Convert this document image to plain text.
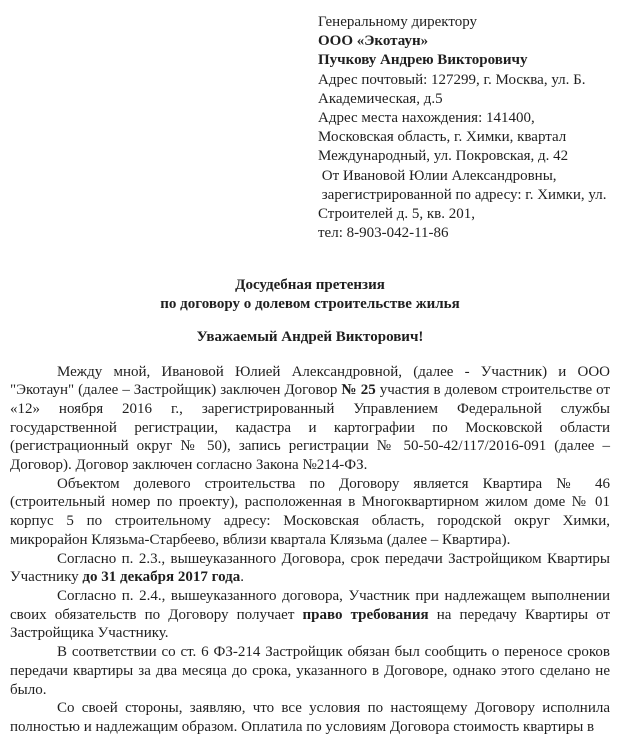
Генеральному директору
ООО «Экотаун»
Пучкову Андрею Викторовичу
Адрес почтовый: 127299, г. Москва, ул. Б. Академическая, д.5
Адрес места нахождения: 141400, Московская область, г. Химки, квартал Международный, ул. Покровская, д. 42
От Ивановой Юлии Александровны,
зарегистрированной по адресу: г. Химки, ул. Строителей д. 5, кв. 201,
тел: 8-903-042-11-86
Досудебная претензия
по договору о долевом строительстве жилья
Уважаемый Андрей Викторович!

Между мной, Ивановой Юлией Александровной, (далее - Участник) и ООО "Экотаун" (далее – Застройщик) заключен Договор № 25 участия в долевом строительстве от «12» ноября 2016 г., зарегистрированный Управлением Федеральной службы государственной регистрации, кадастра и картографии по Московской области (регистрационный округ № 50), запись регистрации № 50-50-42/117/2016-091 (далее – Договор). Договор заключен согласно Закона №214-ФЗ.

Объектом долевого строительства по Договору является Квартира № 46 (строительный номер по проекту), расположенная в Многоквартирном жилом доме № 01 корпус 5 по строительному адресу: Московская область, городской округ Химки, микрорайон Клязьма-Старбеево, вблизи квартала Клязьма (далее – Квартира).

Согласно п. 2.3., вышеуказанного Договора, срок передачи Застройщиком Квартиры Участнику до 31 декабря 2017 года.

Согласно п. 2.4., вышеуказанного договора, Участник при надлежащем выполнении своих обязательств по Договору получает право требования на передачу Квартиры от Застройщика Участнику.

В соответствии со ст. 6 ФЗ-214 Застройщик обязан был сообщить о переносе сроков передачи квартиры за два месяца до срока, указанного в Договоре, однако этого сделано не было.

Со своей стороны, заявляю, что все условия по настоящему Договору исполнила полностью и надлежащим образом. Оплатила по условиям Договора стоимость квартиры в
